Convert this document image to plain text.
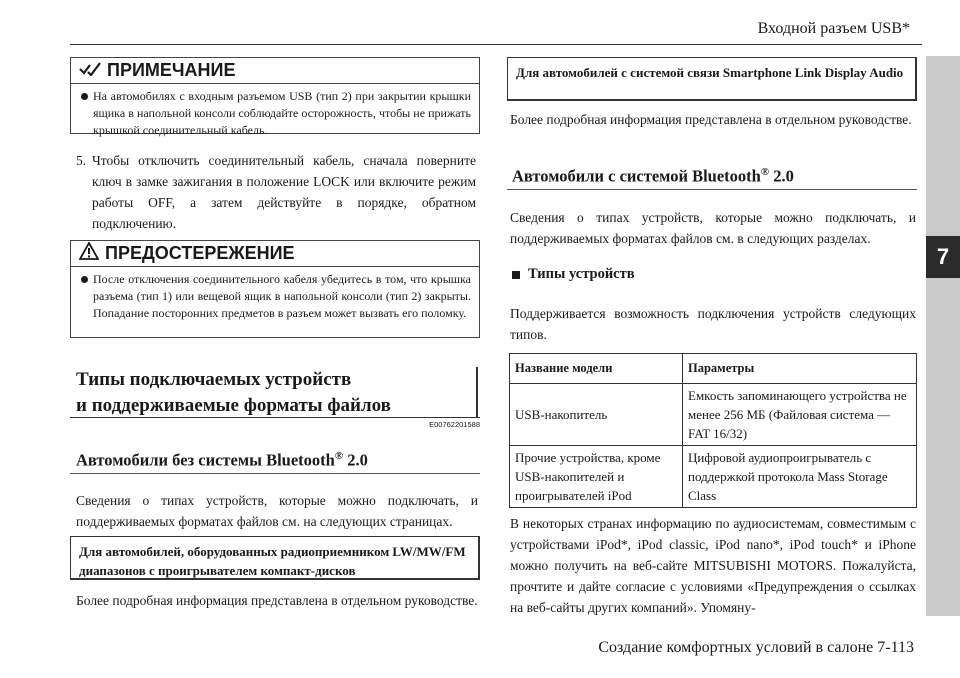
Входной разъем USB*
7
ПРИМЕЧАНИЕ
На автомобилях с входным разъемом USB (тип 2) при закрытии крышки ящика в напольной консоли соблюдайте осторожность, чтобы не прижать крышкой соединительный кабель.
5. Чтобы отключить соединительный кабель, сначала поверните ключ в замке зажигания в положение LOCK или включите режим работы OFF, а затем действуйте в порядке, обратном подключению.
ПРЕДОСТЕРЕЖЕНИЕ
После отключения соединительного кабеля убедитесь в том, что крышка разъема (тип 1) или вещевой ящик в напольной консоли (тип 2) закрыты. Попадание посторонних предметов в разъем может вызвать его поломку.
Типы подключаемых устройств
и поддерживаемые форматы файлов
E00762201588
Автомобили без системы Bluetooth® 2.0
Сведения о типах устройств, которые можно подключать, и поддерживаемых форматах файлов см. на следующих страницах.
Для автомобилей, оборудованных радиоприемником LW/MW/FM диапазонов с проигрывателем компакт-дисков
Более подробная информация представлена в отдельном руководстве.
Для автомобилей с системой связи Smartphone Link Display Audio
Более подробная информация представлена в отдельном руководстве.
Автомобили с системой Bluetooth® 2.0
Сведения о типах устройств, которые можно подключать, и поддерживаемых форматах файлов см. в следующих разделах.
Типы устройств
Поддерживается возможность подключения устройств следующих типов.
Название модели	Параметры
USB-накопитель	Емкость запоминающего устройства не менее 256 МБ (Файловая система — FAT 16/32)
Прочие устройства, кроме USB-накопителей и проигрывателей iPod	Цифровой аудиопроигрыватель с поддержкой протокола Mass Storage Class
В некоторых странах информацию по аудиосистемам, совместимым с устройствами iPod*, iPod classic, iPod nano*, iPod touch* и iPhone можно получить на веб-сайте MITSUBISHI MOTORS. Пожалуйста, прочтите и дайте согласие с условиями «Предупреждения о ссылках на веб-сайты других компаний». Упомяну-
Создание комфортных условий в салоне 7-113
